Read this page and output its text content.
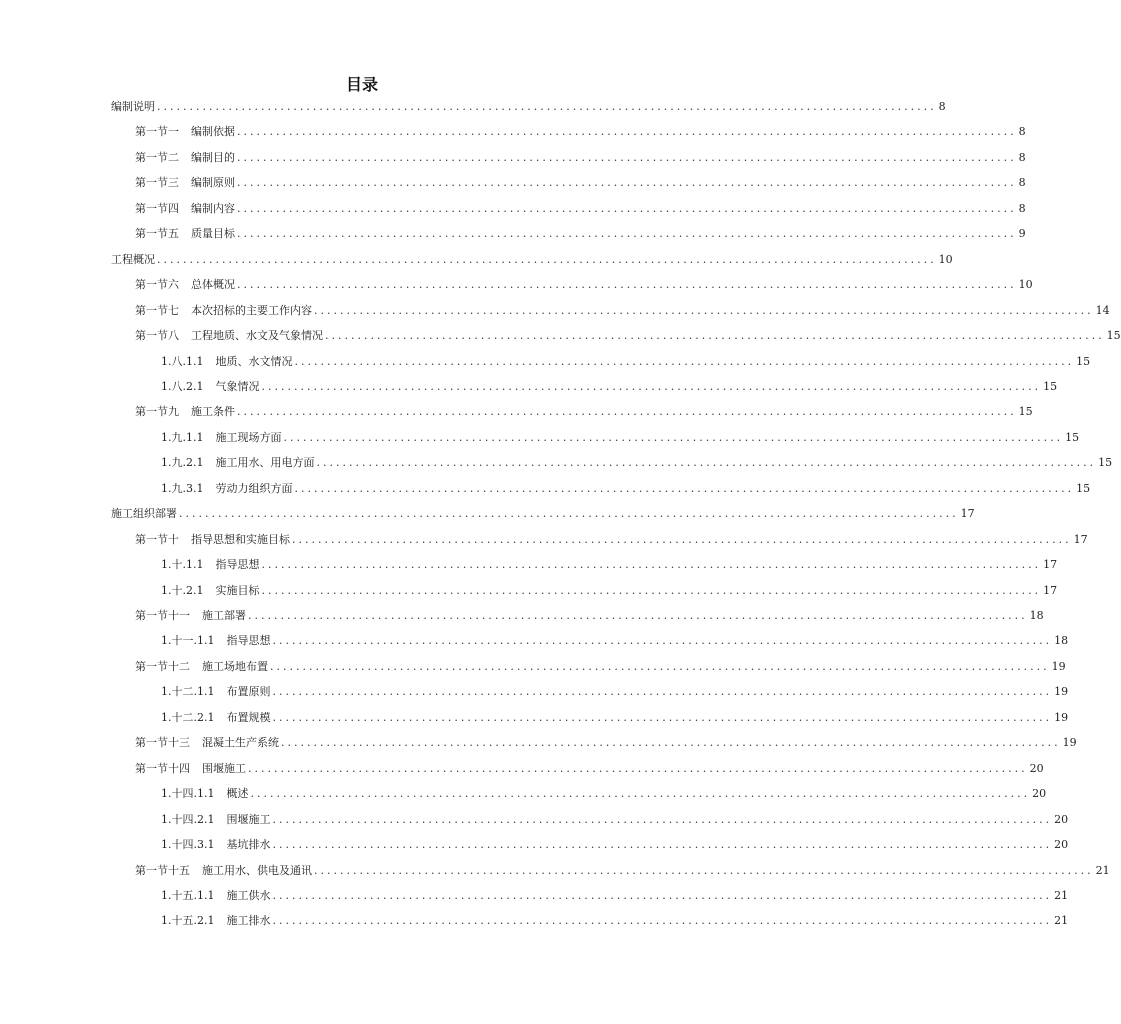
目录
编制说明 ........................................................................................................................ 8
第一节一 编制依据 ........................................................................................................................ 8
第一节二 编制目的 ........................................................................................................................ 8
第一节三 编制原则 ........................................................................................................................ 8
第一节四 编制内容 ........................................................................................................................ 8
第一节五 质量目标 ........................................................................................................................ 9
工程概况 ........................................................................................................................ 10
第一节六 总体概况 ........................................................................................................................ 10
第一节七 本次招标的主要工作内容 ........................................................................................................................ 14
第一节八 工程地质、水文及气象情况 ........................................................................................................................ 15
1.八.1.1 地质、水文情况 ........................................................................................................................ 15
1.八.2.1 气象情况 ........................................................................................................................ 15
第一节九 施工条件 ........................................................................................................................ 15
1.九.1.1 施工现场方面 ........................................................................................................................ 15
1.九.2.1 施工用水、用电方面 ........................................................................................................................ 15
1.九.3.1 劳动力组织方面 ........................................................................................................................ 15
施工组织部署 ........................................................................................................................ 17
第一节十 指导思想和实施目标 ........................................................................................................................ 17
1.十.1.1 指导思想 ........................................................................................................................ 17
1.十.2.1 实施目标 ........................................................................................................................ 17
第一节十一 施工部署 ........................................................................................................................ 18
1.十一.1.1 指导思想 ........................................................................................................................ 18
第一节十二 施工场地布置 ........................................................................................................................ 19
1.十二.1.1 布置原则 ........................................................................................................................ 19
1.十二.2.1 布置规模 ........................................................................................................................ 19
第一节十三 混凝土生产系统 ........................................................................................................................ 19
第一节十四 围堰施工 ........................................................................................................................ 20
1.十四.1.1 概述 ........................................................................................................................ 20
1.十四.2.1 围堰施工 ........................................................................................................................ 20
1.十四.3.1 基坑排水 ........................................................................................................................ 20
第一节十五 施工用水、供电及通讯 ........................................................................................................................ 21
1.十五.1.1 施工供水 ........................................................................................................................ 21
1.十五.2.1 施工排水 ........................................................................................................................ 21
